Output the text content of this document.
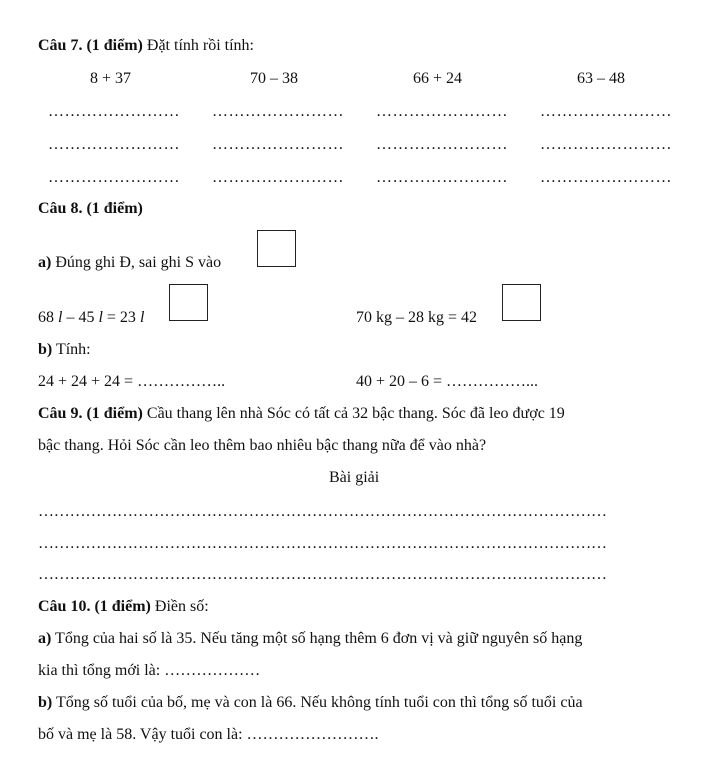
Câu 7. (1 điểm) Đặt tính rồi tính:
8 + 37	70 – 38	66 + 24	63 – 48
…………………… …………………… …………………… ……………………
…………………… …………………… …………………… ……………………
…………………… …………………… …………………… ……………………
Câu 8. (1 điểm)
a) Đúng ghi Đ, sai ghi S vào
68 l – 45 l = 23 l	70 kg – 28 kg = 42
b) Tính:
24 + 24 + 24 = ……………..	40 + 20 – 6 = ……………...
Câu 9. (1 điểm) Cầu thang lên nhà Sóc có tất cả 32 bậc thang. Sóc đã leo được 19
bậc thang. Hỏi Sóc cần leo thêm bao nhiêu bậc thang nữa để vào nhà?
Bài giải
………………………………………………………………………………………………
………………………………………………………………………………………………
………………………………………………………………………………………………
Câu 10. (1 điểm) Điền số:
a) Tổng của hai số là 35. Nếu tăng một số hạng thêm 6 đơn vị và giữ nguyên số hạng
kia thì tổng mới là: ………………
b) Tổng số tuổi của bố, mẹ và con là 66. Nếu không tính tuổi con thì tổng số tuổi của
bố và mẹ là 58. Vậy tuổi con là: …………………….
